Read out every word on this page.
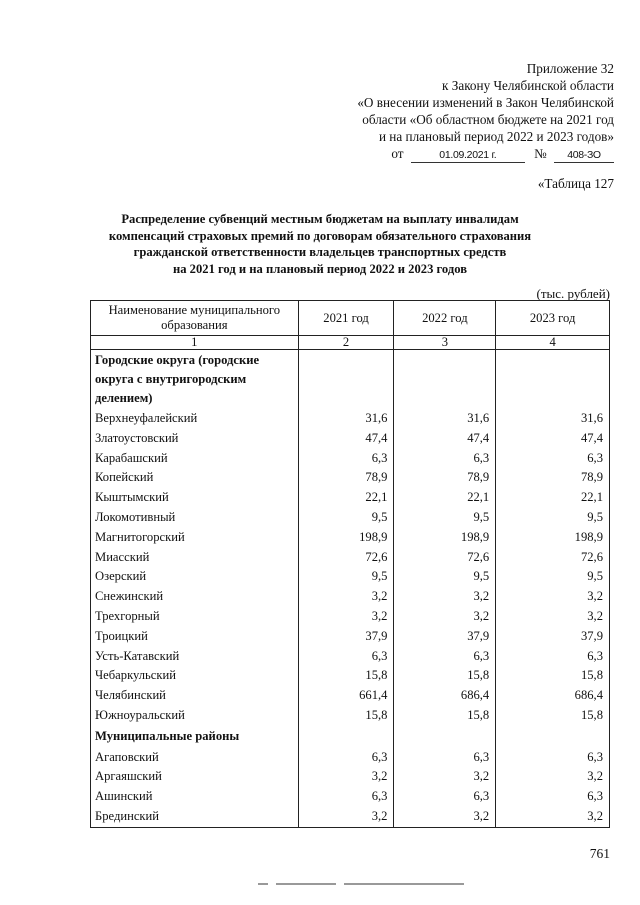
Приложение 32
к Закону Челябинской области
«О внесении изменений в Закон Челябинской
области «Об областном бюджете на 2021 год
и на плановый период 2022 и 2023 годов»
от	01.09.2021 г.	№ 408-ЗО
«Таблица 127
Распределение субвенций местным бюджетам на выплату инвалидам
компенсаций страховых премий по договорам обязательного страхования
гражданской ответственности владельцев транспортных средств
на 2021 год и на плановый период 2022 и 2023 годов
(тыс. рублей)
Наименование муниципального образования	2021 год	2022 год	2023 год
1	2	3	4
Городские округа (городские округа с внутригородским делением)			
Верхнеуфалейский	31,6	31,6	31,6
Златоустовский	47,4	47,4	47,4
Карабашский	6,3	6,3	6,3
Копейский	78,9	78,9	78,9
Кыштымский	22,1	22,1	22,1
Локомотивный	9,5	9,5	9,5
Магнитогорский	198,9	198,9	198,9
Миасский	72,6	72,6	72,6
Озерский	9,5	9,5	9,5
Снежинский	3,2	3,2	3,2
Трехгорный	3,2	3,2	3,2
Троицкий	37,9	37,9	37,9
Усть-Катавский	6,3	6,3	6,3
Чебаркульский	15,8	15,8	15,8
Челябинский	661,4	686,4	686,4
Южноуральский	15,8	15,8	15,8
Муниципальные районы			
Агаповский	6,3	6,3	6,3
Аргаяшский	3,2	3,2	3,2
Ашинский	6,3	6,3	6,3
Брединский	3,2	3,2	3,2
761
